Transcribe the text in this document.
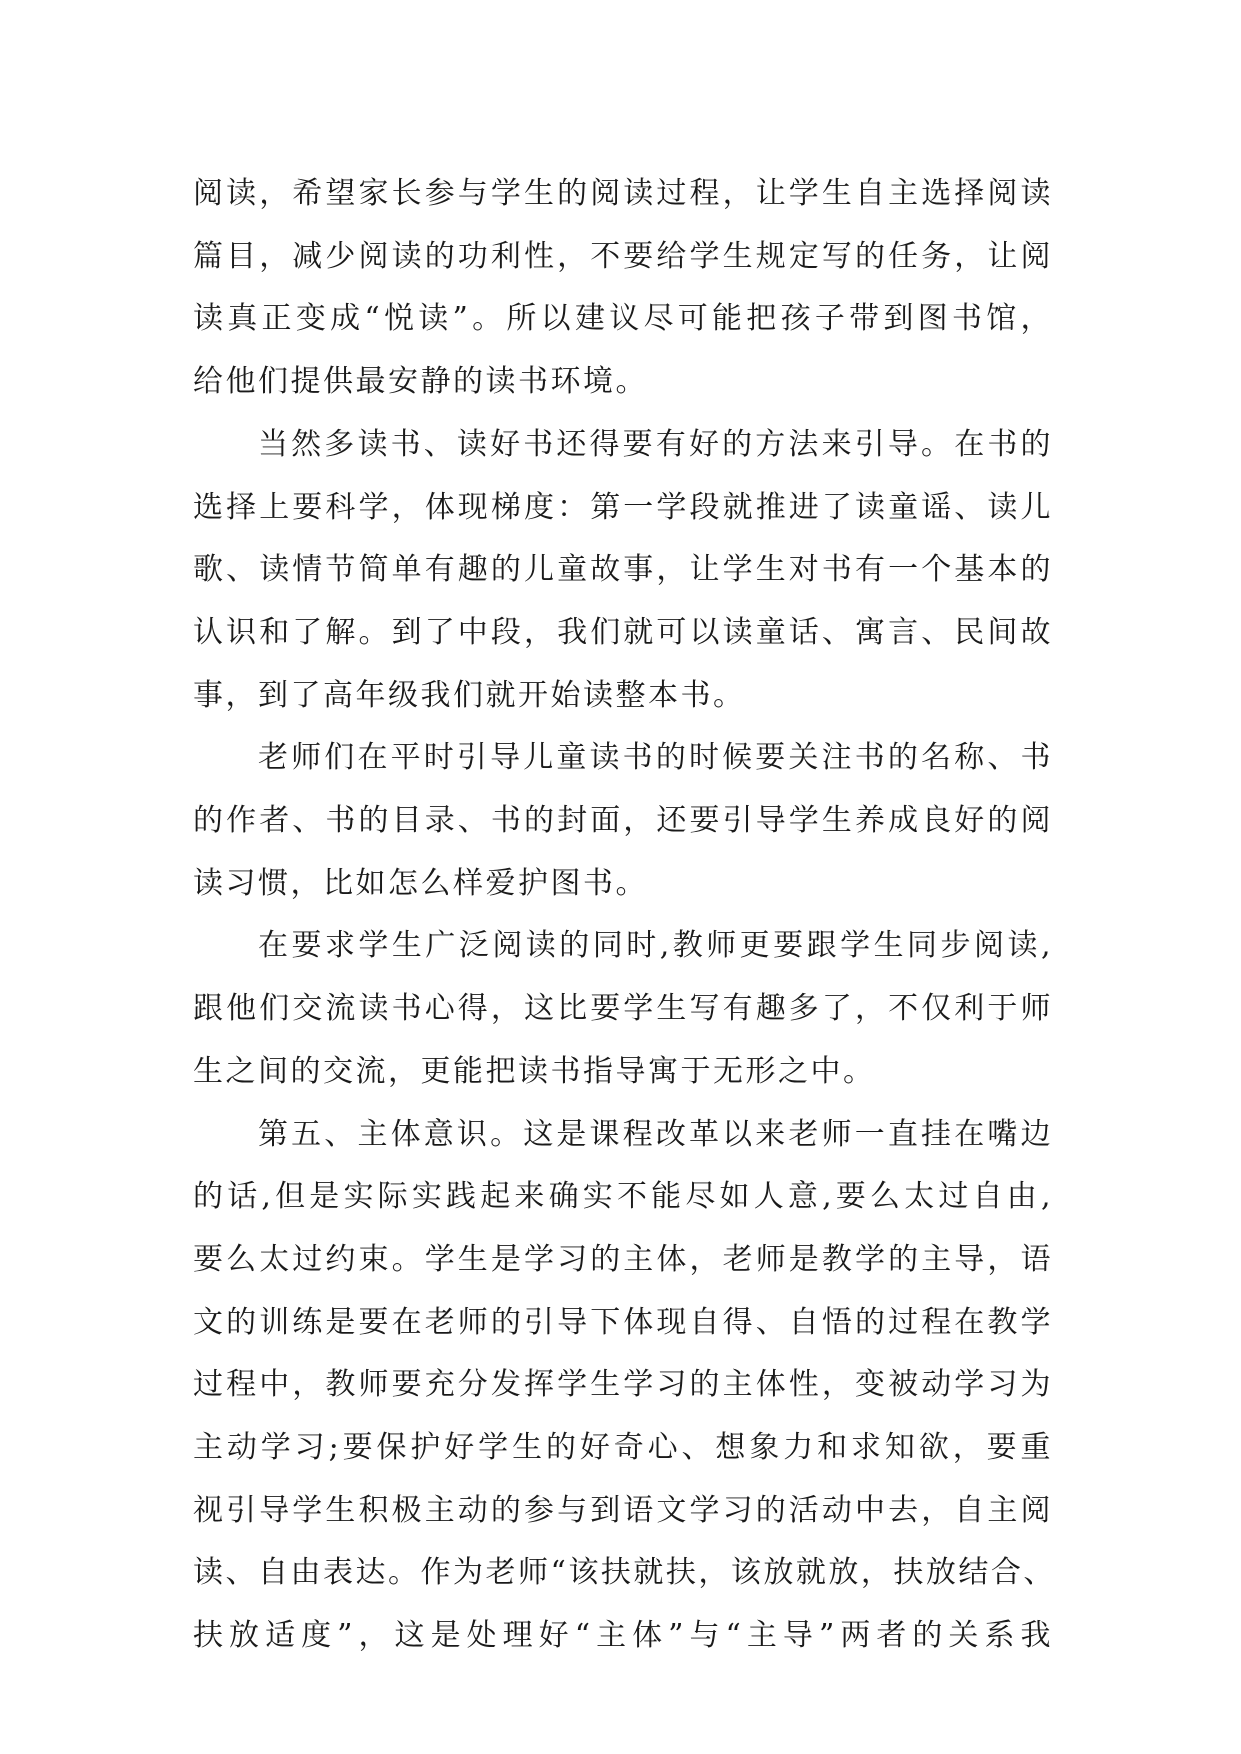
阅读，希望家长参与学生的阅读过程，让学生自主选择阅读
篇目，减少阅读的功利性，不要给学生规定写的任务，让阅
读真正变成“悦读”。所以建议尽可能把孩子带到图书馆，
给他们提供最安静的读书环境。
当然多读书、读好书还得要有好的方法来引导。在书的
选择上要科学，体现梯度：第一学段就推进了读童谣、读儿
歌、读情节简单有趣的儿童故事，让学生对书有一个基本的
认识和了解。到了中段，我们就可以读童话、寓言、民间故
事，到了高年级我们就开始读整本书。
老师们在平时引导儿童读书的时候要关注书的名称、书
的作者、书的目录、书的封面，还要引导学生养成良好的阅
读习惯，比如怎么样爱护图书。
在要求学生广泛阅读的同时,教师更要跟学生同步阅读,
跟他们交流读书心得，这比要学生写有趣多了，不仅利于师
生之间的交流，更能把读书指导寓于无形之中。
第五、主体意识。这是课程改革以来老师一直挂在嘴边
的话,但是实际实践起来确实不能尽如人意,要么太过自由,
要么太过约束。学生是学习的主体，老师是教学的主导，语
文的训练是要在老师的引导下体现自得、自悟的过程在教学
过程中，教师要充分发挥学生学习的主体性，变被动学习为
主动学习;要保护好学生的好奇心、想象力和求知欲，要重
视引导学生积极主动的参与到语文学习的活动中去，自主阅
读、自由表达。作为老师“该扶就扶，该放就放，扶放结合、
扶放适度”，这是处理好“主体”与“主导”两者的关系我
